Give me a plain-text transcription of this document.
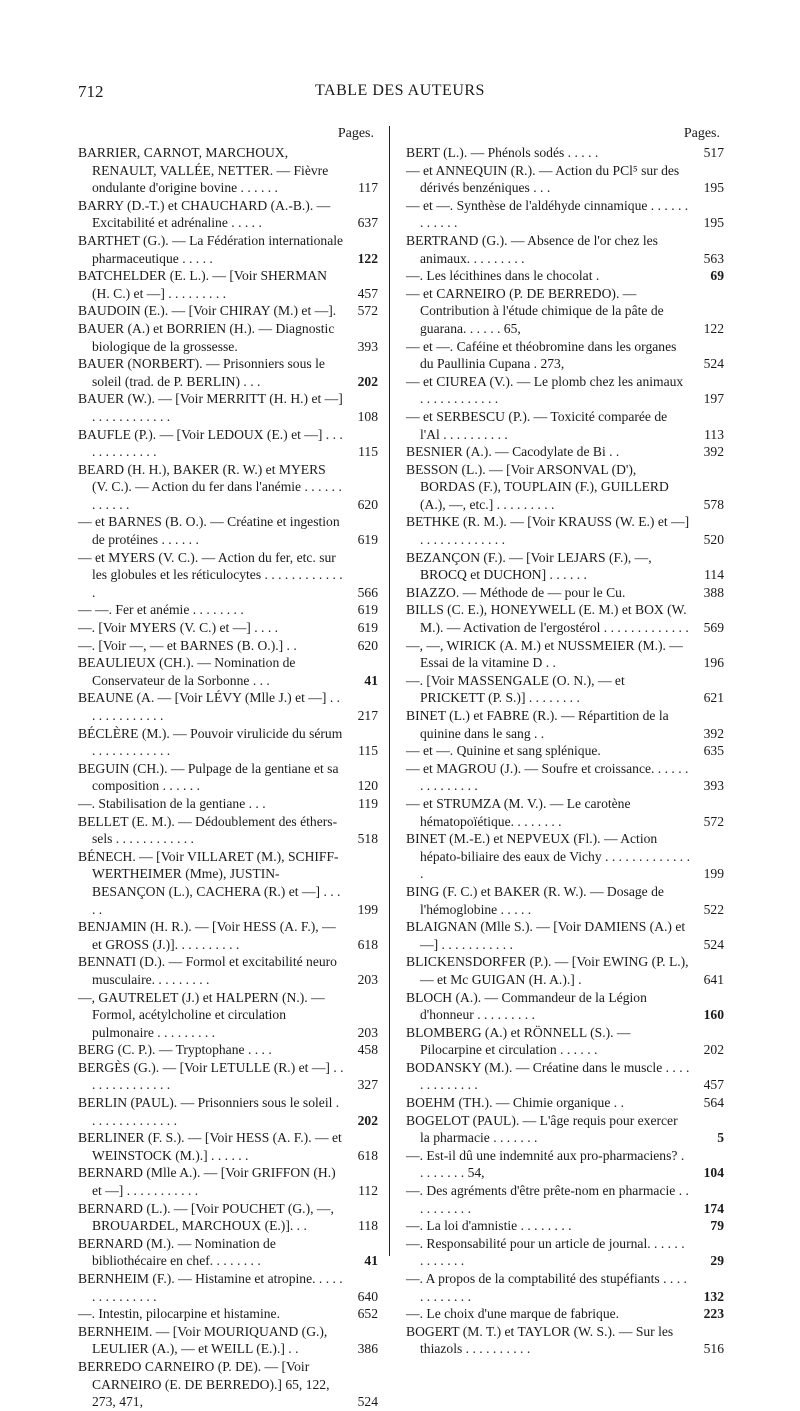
712	TABLE DES AUTEURS
Pages.
BARRIER, CARNOT, MARCHOUX, RENAULT, VALLÉE, NETTER. — Fièvre ondulante d'origine bovine . . . . . .	117
BARRY (D.-T.) et CHAUCHARD (A.-B.). — Excitabilité et adrénaline . . . . .	637
BARTHET (G.). — La Fédération internationale pharmaceutique . . . . .	122
BATCHELDER (E. L.). — [Voir SHERMAN (H. C.) et —] . . . . . . . . .	457
BAUDOIN (E.). — [Voir CHIRAY (M.) et —].	572
BAUER (A.) et BORRIEN (H.). — Diagnostic biologique de la grossesse.	393
BAUER (NORBERT). — Prisonniers sous le soleil (trad. de P. BERLIN) . . .	202
BAUER (W.). — [Voir MERRITT (H. H.) et —] . . . . . . . . . . . .	108
BAUFLE (P.). — [Voir LEDOUX (E.) et —] . . . . . . . . . . . . .	115
BEARD (H. H.), BAKER (R. W.) et MYERS (V. C.). — Action du fer dans l'anémie . . . . . . . . . . . .	620
— et BARNES (B. O.). — Créatine et ingestion de protéines . . . . . .	619
— et MYERS (V. C.). — Action du fer, etc. sur les globules et les réticulocytes . . . . . . . . . . . . .	566
— —. Fer et anémie . . . . . . . .	619
—. [Voir MYERS (V. C.) et —] . . . .	619
—. [Voir —, — et BARNES (B. O.).] . .	620
BEAULIEUX (CH.). — Nomination de Conservateur de la Sorbonne . . .	41
BEAUNE (A. — [Voir LÉVY (Mlle J.) et —] . . . . . . . . . . . . .	217
BÉCLÈRE (M.). — Pouvoir virulicide du sérum . . . . . . . . . . . .	115
BEGUIN (CH.). — Pulpage de la gentiane et sa composition . . . . . .	120
—. Stabilisation de la gentiane . . .	119
BELLET (E. M.). — Dédoublement des éthers-sels . . . . . . . . . . . .	518
BÉNECH. — [Voir VILLARET (M.), SCHIFF-WERTHEIMER (Mme), JUSTIN-BESANÇON (L.), CACHERA (R.) et —] . . . . .	199
BENJAMIN (H. R.). — [Voir HESS (A. F.), — et GROSS (J.)]. . . . . . . . . .	618
BENNATI (D.). — Formol et excitabilité neuro musculaire. . . . . . . . .	203
—, GAUTRELET (J.) et HALPERN (N.). — Formol, acétylcholine et circulation pulmonaire . . . . . . . . .	203
BERG (C. P.). — Tryptophane . . . .	458
BERGÈS (G.). — [Voir LETULLE (R.) et —] . . . . . . . . . . . . . .	327
BERLIN (PAUL). — Prisonniers sous le soleil . . . . . . . . . . . . . .	202
BERLINER (F. S.). — [Voir HESS (A. F.). — et WEINSTOCK (M.).] . . . . . .	618
BERNARD (Mlle A.). — [Voir GRIFFON (H.) et —] . . . . . . . . . . .	112
BERNARD (L.). — [Voir POUCHET (G.), —, BROUARDEL, MARCHOUX (E.)]. . .	118
BERNARD (M.). — Nomination de bibliothécaire en chef. . . . . . . .	41
BERNHEIM (F.). — Histamine et atropine. . . . . . . . . . . . . . .	640
—. Intestin, pilocarpine et histamine.	652
BERNHEIM. — [Voir MOURIQUAND (G.), LEULIER (A.), — et WEILL (E.).] . .	386
BERREDO CARNEIRO (P. DE). — [Voir CARNEIRO (E. DE BERREDO).] 65, 122, 273, 471,	524
Pages.
BERT (L.). — Phénols sodés . . . . .	517
— et ANNEQUIN (R.). — Action du PCl⁵ sur des dérivés benzéniques . . .	195
— et —. Synthèse de l'aldéhyde cinnamique . . . . . . . . . . . .	195
BERTRAND (G.). — Absence de l'or chez les animaux. . . . . . . . .	563
—. Les lécithines dans le chocolat .	69
— et CARNEIRO (P. DE BERREDO). — Contribution à l'étude chimique de la pâte de guarana. . . . . . 65,	122
— et —. Caféine et théobromine dans les organes du Paullinia Cupana . 273,	524
— et CIUREA (V.). — Le plomb chez les animaux . . . . . . . . . . . .	197
— et SERBESCU (P.). — Toxicité comparée de l'Al . . . . . . . . . .	113
BESNIER (A.). — Cacodylate de Bi . .	392
BESSON (L.). — [Voir ARSONVAL (D'), BORDAS (F.), TOUPLAIN (F.), GUILLERD (A.), —, etc.] . . . . . . . . .	578
BETHKE (R. M.). — [Voir KRAUSS (W. E.) et —] . . . . . . . . . . . . .	520
BEZANÇON (F.). — [Voir LEJARS (F.), —, BROCQ et DUCHON] . . . . . .	114
BIAZZO. — Méthode de — pour le Cu.	388
BILLS (C. E.), HONEYWELL (E. M.) et BOX (W. M.). — Activation de l'ergostérol . . . . . . . . . . . . .	569
—, —, WIRICK (A. M.) et NUSSMEIER (M.). — Essai de la vitamine D . .	196
—. [Voir MASSENGALE (O. N.), — et PRICKETT (P. S.)] . . . . . . . .	621
BINET (L.) et FABRE (R.). — Répartition de la quinine dans le sang . .	392
— et —. Quinine et sang splénique.	635
— et MAGROU (J.). — Soufre et croissance. . . . . . . . . . . . . . .	393
— et STRUMZA (M. V.). — Le carotène hématopoïétique. . . . . . . .	572
BINET (M.-E.) et NEPVEUX (Fl.). — Action hépato-biliaire des eaux de Vichy . . . . . . . . . . . . . .	199
BING (F. C.) et BAKER (R. W.). — Dosage de l'hémoglobine . . . . .	522
BLAIGNAN (Mlle S.). — [Voir DAMIENS (A.) et —] . . . . . . . . . . .	524
BLICKENSDORFER (P.). — [Voir EWING (P. L.), — et Mc GUIGAN (H. A.).] .	641
BLOCH (A.). — Commandeur de la Légion d'honneur . . . . . . . . .	160
BLOMBERG (A.) et RÖNNELL (S.). — Pilocarpine et circulation . . . . . .	202
BODANSKY (M.). — Créatine dans le muscle . . . . . . . . . . . . .	457
BOEHM (TH.). — Chimie organique . .	564
BOGELOT (PAUL). — L'âge requis pour exercer la pharmacie . . . . . . .	5
—. Est-il dû une indemnité aux pro-pharmaciens? . . . . . . . . 54,	104
—. Des agréments d'être prête-nom en pharmacie . . . . . . . . . .	174
—. La loi d'amnistie . . . . . . . .	79
—. Responsabilité pour un article de journal. . . . . . . . . . . . .	29
—. A propos de la comptabilité des stupéfiants . . . . . . . . . . . .	132
—. Le choix d'une marque de fabrique.	223
BOGERT (M. T.) et TAYLOR (W. S.). — Sur les thiazols . . . . . . . . . .	516
